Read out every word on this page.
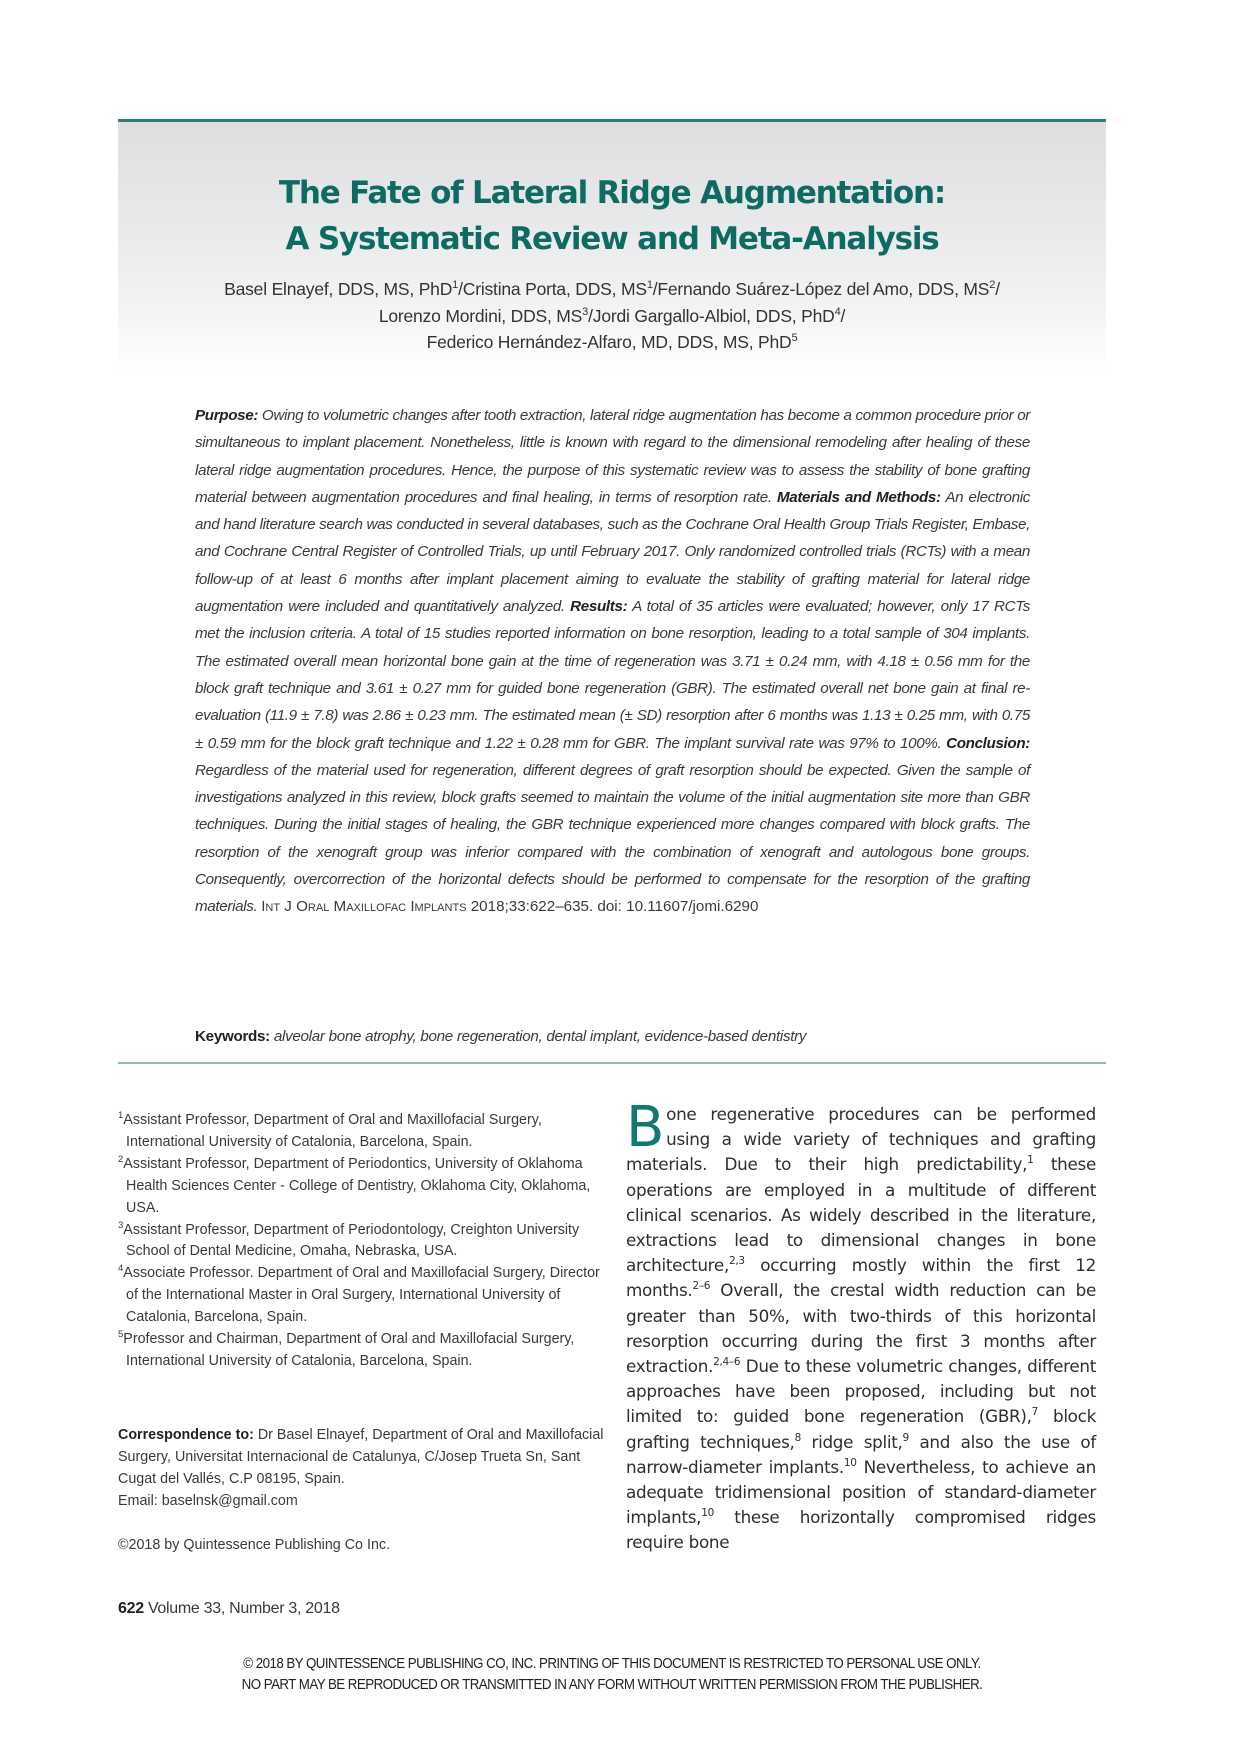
The Fate of Lateral Ridge Augmentation:
A Systematic Review and Meta-Analysis
Basel Elnayef, DDS, MS, PhD$^1$/Cristina Porta, DDS, $MS^1$/Fernando Suárez-López del Amo, DDS, $MS^2/$
Lorenzo Mordini, DDS, $MS^3$/Jordi Gargallo-Albiol, DDS, PhD$^4$/
Federico Hernández-Alfaro, MD, DDS, MS, PhD$^5$
Purpose: Owing to volumetric changes after tooth extraction, lateral ridge augmentation has become a common procedure prior or simultaneous to implant placement. Nonetheless, little is known with regard to the dimensional remodeling after healing of these lateral ridge augmentation procedures. Hence, the purpose of this systematic review was to assess the stability of bone grafting material between augmentation procedures and final healing, in terms of resorption rate. Materials and Methods: An electronic and hand literature search was conducted in several databases, such as the Cochrane Oral Health Group Trials Register, Embase, and Cochrane Central Register of Controlled Trials, up until February 2017. Only randomized controlled trials (RCTs) with a mean follow-up of at least 6 months after implant placement aiming to evaluate the stability of grafting material for lateral ridge augmentation were included and quantitatively analyzed. Results: A total of 35 articles were evaluated; however, only 17 RCTs met the inclusion criteria. A total of 15 studies reported information on bone resorption, leading to a total sample of 304 implants. The estimated overall mean horizontal bone gain at the time of regeneration was 3.71 ± 0.24 mm, with 4.18 ± 0.56 mm for the block graft technique and 3.61 ± 0.27 mm for guided bone regeneration (GBR). The estimated overall net bone gain at final re-evaluation (11.9 ± 7.8) was 2.86 ± 0.23 mm. The estimated mean (± SD) resorption after 6 months was 1.13 ± 0.25 mm, with 0.75 ± 0.59 mm for the block graft technique and 1.22 ± 0.28 mm for GBR. The implant survival rate was 97% to 100%. Conclusion: Regardless of the material used for regeneration, different degrees of graft resorption should be expected. Given the sample of investigations analyzed in this review, block grafts seemed to maintain the volume of the initial augmentation site more than GBR techniques. During the initial stages of healing, the GBR technique experienced more changes compared with block grafts. The resorption of the xenograft group was inferior compared with the combination of xenograft and autologous bone groups. Consequently, overcorrection of the horizontal defects should be performed to compensate for the resorption of the grafting materials. Int J Oral Maxillofac Implants 2018;33:622–635. doi: 10.11607/jomi.6290
Keywords: alveolar bone atrophy, bone regeneration, dental implant, evidence-based dentistry
$^1$Assistant Professor, Department of Oral and Maxillofacial Surgery, International University of Catalonia, Barcelona, Spain.
$^2$Assistant Professor, Department of Periodontics, University of Oklahoma Health Sciences Center - College of Dentistry, Oklahoma City, Oklahoma, USA.
$^3$Assistant Professor, Department of Periodontology, Creighton University School of Dental Medicine, Omaha, Nebraska, USA.
$^4$Associate Professor. Department of Oral and Maxillofacial Surgery, Director of the International Master in Oral Surgery, International University of Catalonia, Barcelona, Spain.
$^5$Professor and Chairman, Department of Oral and Maxillofacial Surgery, International University of Catalonia, Barcelona, Spain.
Correspondence to: Dr Basel Elnayef, Department of Oral and Maxillofacial Surgery, Universitat Internacional de Catalunya, C/Josep Trueta Sn, Sant Cugat del Vallés, C.P 08195, Spain.
Email: baselnsk@gmail.com
©2018 by Quintessence Publishing Co Inc.
Bone regenerative procedures can be performed using a wide variety of techniques and grafting materials. Due to their high predictability,$^1$ these operations are employed in a multitude of different clinical scenarios. As widely described in the literature, extractions lead to dimensional changes in bone architecture,$^{2,3}$ occurring mostly within the first 12 months.$^{2-6}$ Overall, the crestal width reduction can be greater than 50%, with two-thirds of this horizontal resorption occurring during the first 3 months after extraction.$^{2,4-6}$ Due to these volumetric changes, different approaches have been proposed, including but not limited to: guided bone regeneration (GBR),$^7$ block grafting techniques,$^8$ ridge split,$^9$ and also the use of narrow-diameter implants.$^{10}$ Nevertheless, to achieve an adequate tridimensional position of standard-diameter implants,$^{10}$ these horizontally compromised ridges require bone
622 Volume 33, Number 3, 2018
© 2018 BY QUINTESSENCE PUBLISHING CO, INC. PRINTING OF THIS DOCUMENT IS RESTRICTED TO PERSONAL USE ONLY.
NO PART MAY BE REPRODUCED OR TRANSMITTED IN ANY FORM WITHOUT WRITTEN PERMISSION FROM THE PUBLISHER.
